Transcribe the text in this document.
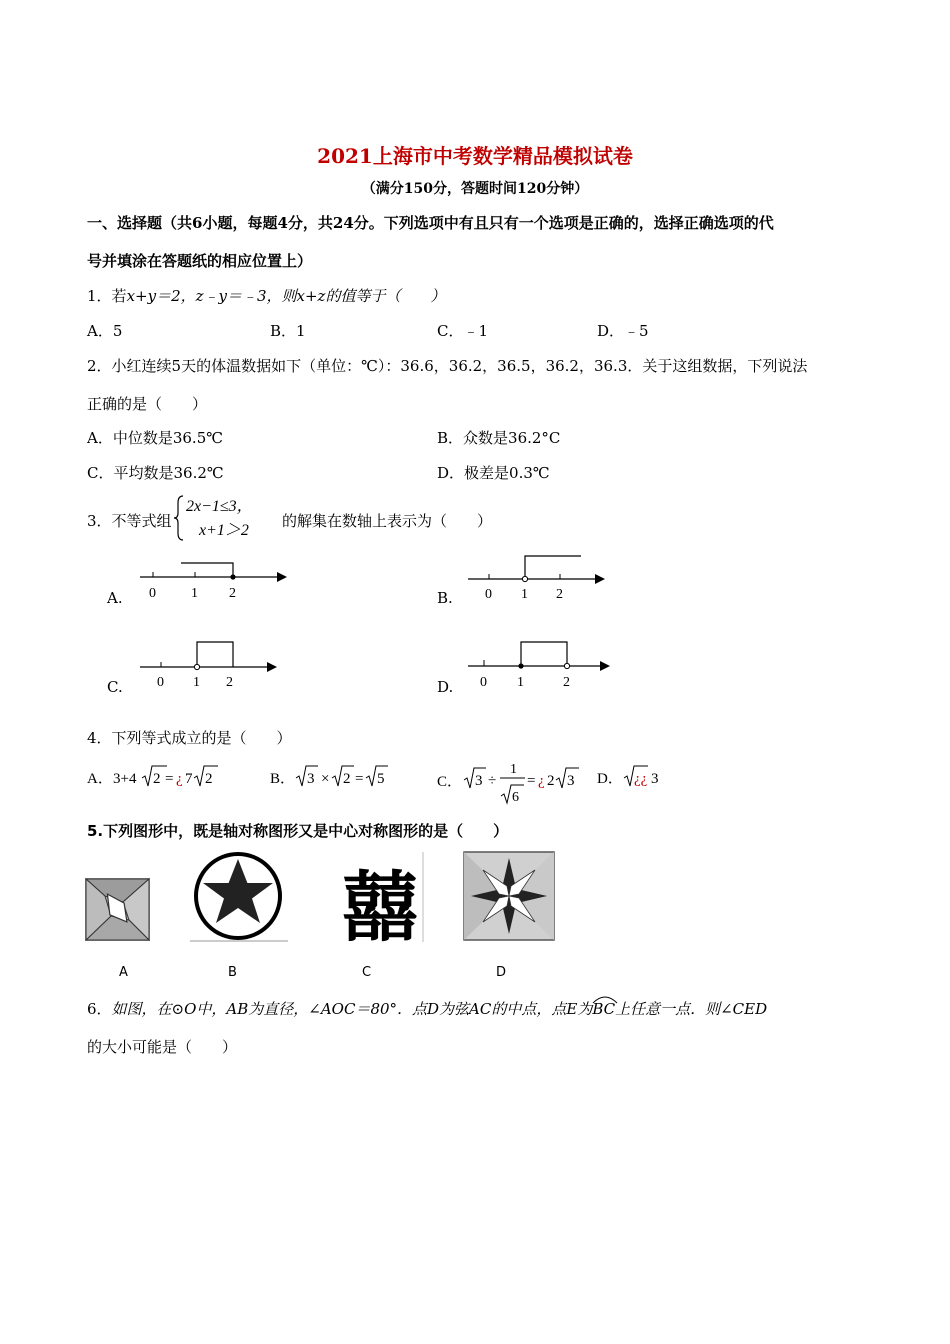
2021上海市中考数学精品模拟试卷
（满分150分，答题时间120分钟）
一、选择题（共6小题，每题4分，共24分。下列选项中有且只有一个选项是正确的，选择正确选项的代
号并填涂在答题纸的相应位置上）
1．若x+y＝2，z﹣y＝﹣3，则x+z的值等于（　　）
A．5	B．1	C．﹣1	D．﹣5
2．小红连续5天的体温数据如下（单位：℃）：36.6，36.2，36.5，36.2，36.3．关于这组数据，下列说法
正确的是（　　）
A．中位数是36.5℃	B．众数是36.2°C
C．平均数是36.2℃	D．极差是0.3℃
3．不等式组
2x−1≤3，
x+1＞2
的解集在数轴上表示为（　　）
A. 0	1 2	B. 0 1 2
C. 0 1 2	D. 0 1	2
4．下列等式成立的是（　　）
A． 3+4 2 = ¿ 7 2	B． 3 × 2 = 5	C． 3 ÷
1
6
= ¿ 2 3 D． ¿¿ 3
5.下列图形中，既是轴对称图形又是中心对称图形的是（　　）
囍
A	B	C	D
6．如图，在⊙O中，AB为直径，∠AOC＝80°．点D为弦AC的中点，点E为
BC上任意一点．则∠CED
的大小可能是（　　）
